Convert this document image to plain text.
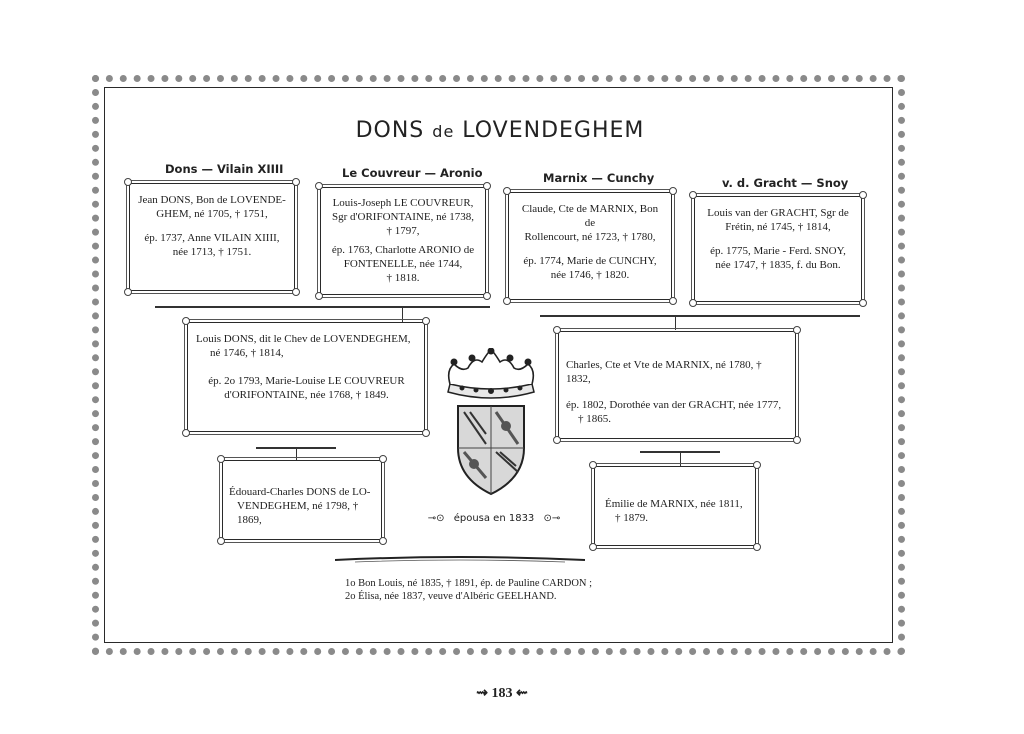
DONS de LOVENDEGHEM
Dons — Vilain XIIII	Le Couvreur — Aronio	Marnix — Cunchy	v. d. Gracht — Snoy

Jean DONS, Bon de LOVENDE-

GHEM, né 1705, † 1751,

ép. 1737, Anne VILAIN XIIII,

née 1713, † 1751.

Louis-Joseph LE COUVREUR,

Sgr d'ORIFONTAINE, né 1738,

† 1797,

ép. 1763, Charlotte ARONIO de

FONTENELLE, née 1744,

† 1818.

Claude, Cte de MARNIX, Bon de

Rollencourt, né 1723, † 1780,

ép. 1774, Marie de CUNCHY,

née 1746, † 1820.

Louis van der GRACHT, Sgr de

Frétin, né 1745, † 1814,

ép. 1775, Marie - Ferd. SNOY,

née 1747, † 1835, f. du Bon.

Louis DONS, dit le Chev de LOVENDEGHEM,

né 1746, † 1814,

ép. 2o 1793, Marie-Louise LE COUVREUR

d'ORIFONTAINE, née 1768, † 1849.

Charles, Cte et Vte de MARNIX, né 1780, † 1832,

ép. 1802, Dorothée van der GRACHT, née 1777,

† 1865.

Édouard-Charles DONS de LO-

VENDEGHEM, né 1798, † 1869,

Émilie de MARNIX, née 1811,

† 1879.

⊸⊙ épousa en 1833 ⊙⊸

1o Bon Louis, né 1835, † 1891, ép. de Pauline CARDON ;

2o Élisa, née 1837, veuve d'Albéric GEELHAND.

⇝ 183 ⇜
